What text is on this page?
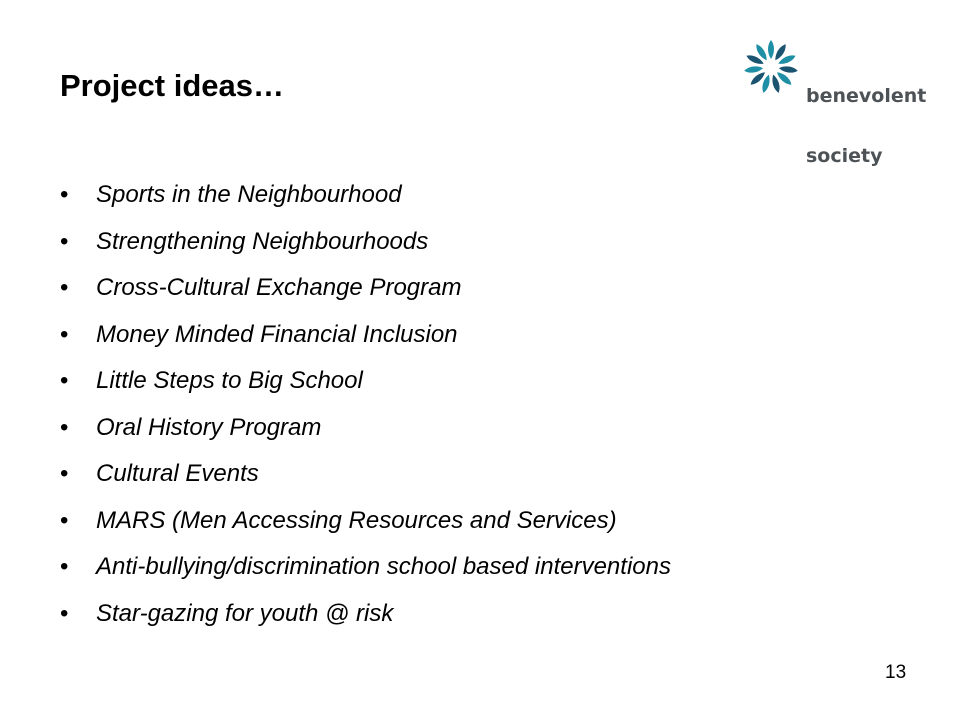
benevolent

society

Project ideas…
• Sports in the Neighbourhood
• Strengthening Neighbourhoods
• Cross-Cultural Exchange Program
• Money Minded Financial Inclusion
• Little Steps to Big School
• Oral History Program
• Cultural Events
• MARS (Men Accessing Resources and Services)
• Anti-bullying/discrimination school based interventions
• Star-gazing for youth @ risk
13
